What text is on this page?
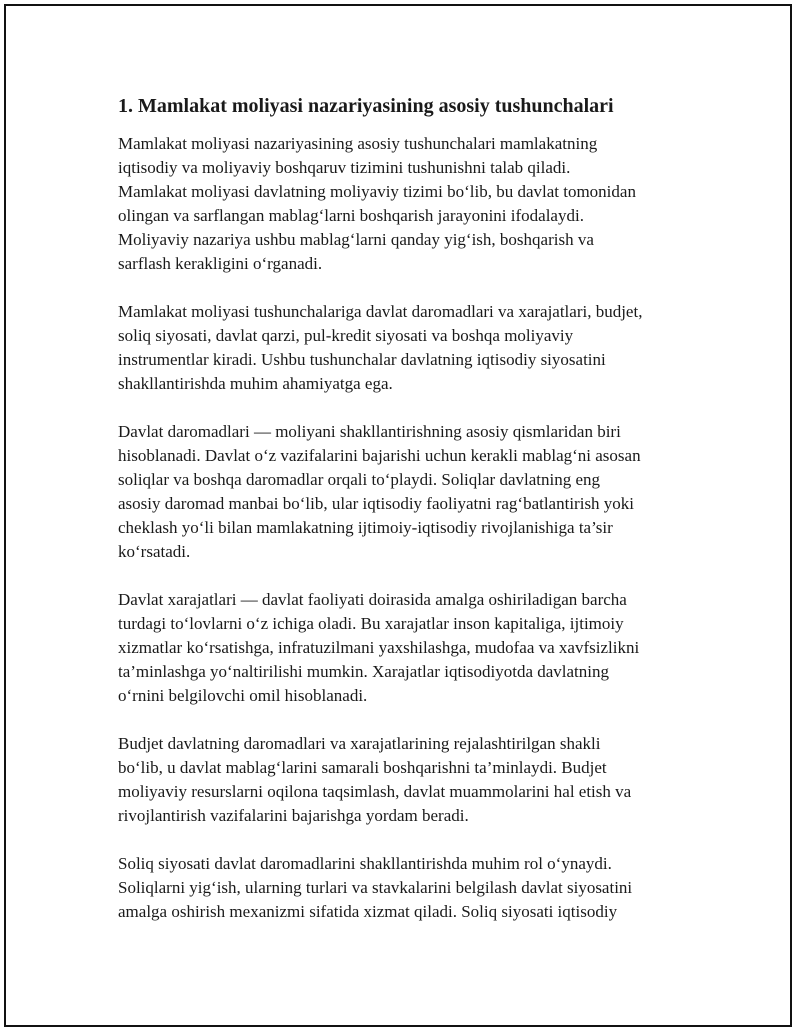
1. Mamlakat moliyasi nazariyasining asosiy tushunchalari

Mamlakat moliyasi nazariyasining asosiy tushunchalari mamlakatning
iqtisodiy va moliyaviy boshqaruv tizimini tushunishni talab qiladi.
Mamlakat moliyasi davlatning moliyaviy tizimi bo‘lib, bu davlat tomonidan
olingan va sarflangan mablag‘larni boshqarish jarayonini ifodalaydi.
Moliyaviy nazariya ushbu mablag‘larni qanday yig‘ish, boshqarish va
sarflash kerakligini o‘rganadi.

Mamlakat moliyasi tushunchalariga davlat daromadlari va xarajatlari, budjet,
soliq siyosati, davlat qarzi, pul-kredit siyosati va boshqa moliyaviy
instrumentlar kiradi. Ushbu tushunchalar davlatning iqtisodiy siyosatini
shakllantirishda muhim ahamiyatga ega.

Davlat daromadlari — moliyani shakllantirishning asosiy qismlaridan biri
hisoblanadi. Davlat o‘z vazifalarini bajarishi uchun kerakli mablag‘ni asosan
soliqlar va boshqa daromadlar orqali to‘playdi. Soliqlar davlatning eng
asosiy daromad manbai bo‘lib, ular iqtisodiy faoliyatni rag‘batlantirish yoki
cheklash yo‘li bilan mamlakatning ijtimoiy-iqtisodiy rivojlanishiga ta’sir
ko‘rsatadi.

Davlat xarajatlari — davlat faoliyati doirasida amalga oshiriladigan barcha
turdagi to‘lovlarni o‘z ichiga oladi. Bu xarajatlar inson kapitaliga, ijtimoiy
xizmatlar ko‘rsatishga, infratuzilmani yaxshilashga, mudofaa va xavfsizlikni
ta’minlashga yo‘naltirilishi mumkin. Xarajatlar iqtisodiyotda davlatning
o‘rnini belgilovchi omil hisoblanadi.

Budjet davlatning daromadlari va xarajatlarining rejalashtirilgan shakli
bo‘lib, u davlat mablag‘larini samarali boshqarishni ta’minlaydi. Budjet
moliyaviy resurslarni oqilona taqsimlash, davlat muammolarini hal etish va
rivojlantirish vazifalarini bajarishga yordam beradi.

Soliq siyosati davlat daromadlarini shakllantirishda muhim rol o‘ynaydi.
Soliqlarni yig‘ish, ularning turlari va stavkalarini belgilash davlat siyosatini
amalga oshirish mexanizmi sifatida xizmat qiladi. Soliq siyosati iqtisodiy
